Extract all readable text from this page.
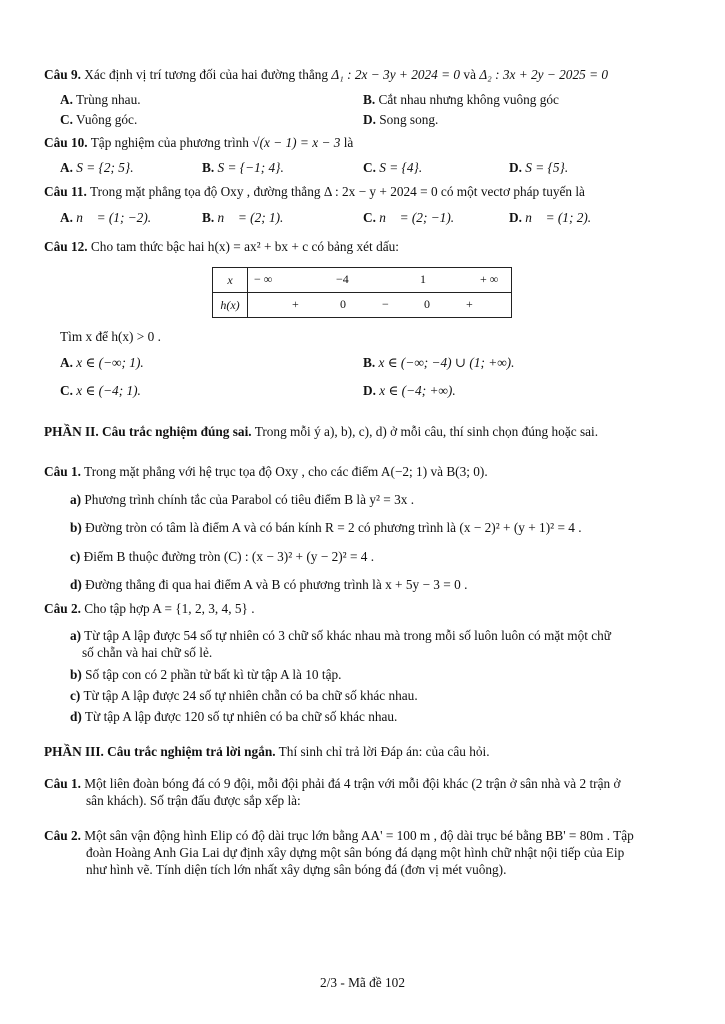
Câu 9. Xác định vị trí tương đối của hai đường thẳng Δ₁ : 2x − 3y + 2024 = 0 và Δ₂ : 3x + 2y − 2025 = 0
A. Trùng nhau.	B. Cắt nhau nhưng không vuông góc
C. Vuông góc.	D. Song song.
Câu 10. Tập nghiệm của phương trình √(x − 1) = x − 3 là
A. S = {2; 5}.	B. S = {−1; 4}.	C. S = {4}.	D. S = {5}.
Câu 11. Trong mặt phẳng tọa độ Oxy , đường thẳng Δ : 2x − y + 2024 = 0 có một vectơ pháp tuyến là
A. n⃗ = (1; −2).	B. n⃗ = (2; 1).	C. n⃗ = (2; −1).	D. n⃗ = (1; 2).
Câu 12. Cho tam thức bậc hai h(x) = ax² + bx + c có bảng xét dấu:
x	− ∞ −4 1 + ∞

h(x)	+ 0 − 0 +
Tìm x để h(x) > 0 .
A. x ∈ (−∞; 1).	B. x ∈ (−∞; −4) ∪ (1; +∞).
C. x ∈ (−4; 1).	D. x ∈ (−4; +∞).
PHẦN II. Câu trắc nghiệm đúng sai. Trong mỗi ý a), b), c), d) ở mỗi câu, thí sinh chọn đúng hoặc sai.
Câu 1. Trong mặt phẳng với hệ trục tọa độ Oxy , cho các điểm A(−2; 1) và B(3; 0).
a) Phương trình chính tắc của Parabol có tiêu điểm B là y² = 3x .
b) Đường tròn có tâm là điểm A và có bán kính R = 2 có phương trình là (x − 2)² + (y + 1)² = 4 .
c) Điểm B thuộc đường tròn (C) : (x − 3)² + (y − 2)² = 4 .
d) Đường thẳng đi qua hai điểm A và B có phương trình là x + 5y − 3 = 0 .
Câu 2. Cho tập hợp A = {1, 2, 3, 4, 5} .
a) Từ tập A lập được 54 số tự nhiên có 3 chữ số khác nhau mà trong mỗi số luôn luôn có mặt một chữ
số chẵn và hai chữ số lẻ.
b) Số tập con có 2 phần tử bất kì từ tập A là 10 tập.
c) Từ tập A lập được 24 số tự nhiên chẵn có ba chữ số khác nhau.
d) Từ tập A lập được 120 số tự nhiên có ba chữ số khác nhau.
PHẦN III. Câu trắc nghiệm trả lời ngắn. Thí sinh chỉ trả lời Đáp án: của câu hỏi.
Câu 1. Một liên đoàn bóng đá có 9 đội, mỗi đội phải đá 4 trận với mỗi đội khác (2 trận ở sân nhà và 2 trận ở
sân khách). Số trận đấu được sắp xếp là:
Câu 2. Một sân vận động hình Elip có độ dài trục lớn bằng AA' = 100 m , độ dài trục bé bằng BB' = 80m . Tập
đoàn Hoàng Anh Gia Lai dự định xây dựng một sân bóng đá dạng một hình chữ nhật nội tiếp của Eip
như hình vẽ. Tính diện tích lớn nhất xây dựng sân bóng đá (đơn vị mét vuông).
2/3 - Mã đề 102
